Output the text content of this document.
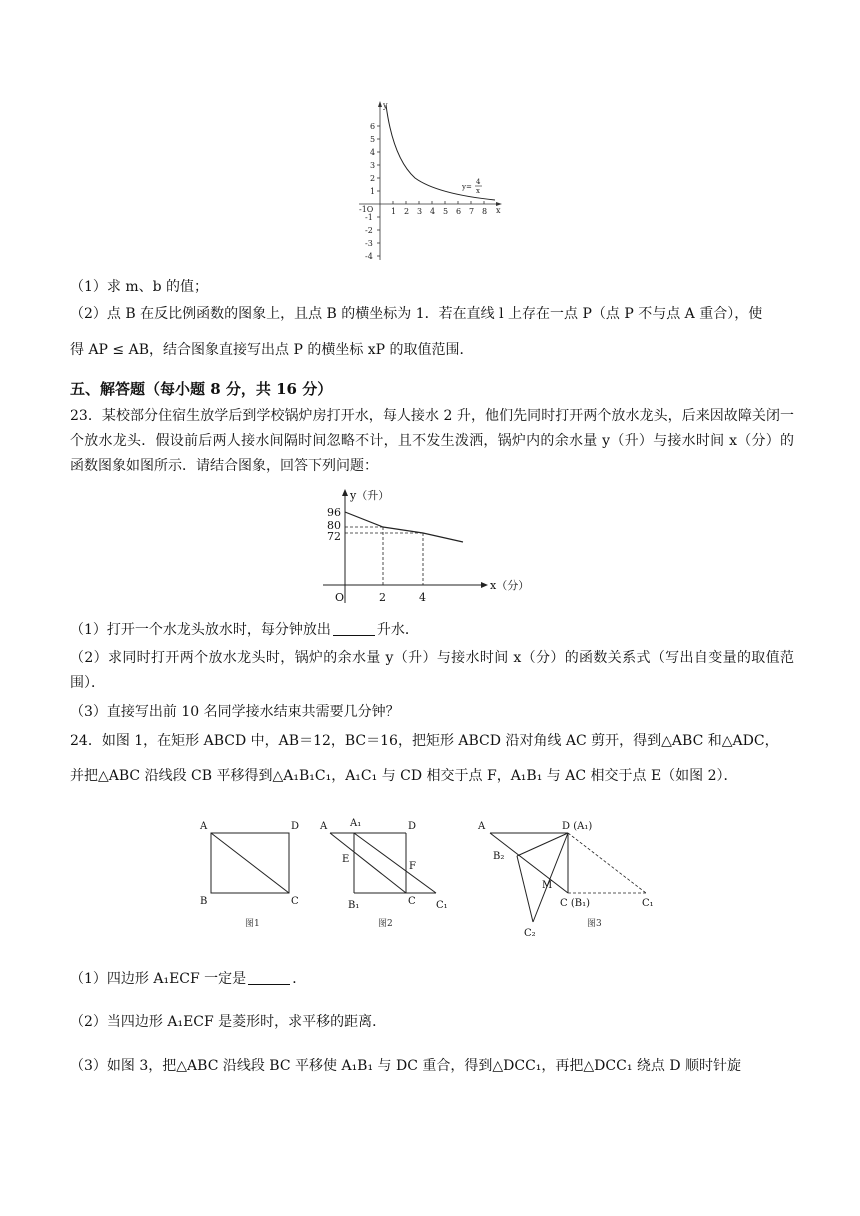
y
x
6
5
4
3
2
1
-1
-2
-3
-4
-1O 1 2 3 4 5 6 7 8
y=
4
x
（1）求 m、b 的值；
（2）点 B 在反比例函数的图象上，且点 B 的横坐标为 1．若在直线 l 上存在一点 P（点 P 不与点 A 重合），使
得 AP ≤ AB，结合图象直接写出点 P 的横坐标 xP 的取值范围．
五、解答题（每小题 8 分，共 16 分）
23．某校部分住宿生放学后到学校锅炉房打开水，每人接水 2 升，他们先同时打开两个放水龙头，后来因故障关闭一个放水龙头．假设前后两人接水间隔时间忽略不计，且不发生泼洒，锅炉内的余水量 y（升）与接水时间 x（分）的函数图象如图所示．请结合图象，回答下列问题：
y（升）
x（分）
96
80
72
O	2	4
（1）打开一个水龙头放水时，每分钟放出	升水．
（2）求同时打开两个放水龙头时，锅炉的余水量 y（升）与接水时间 x（分）的函数关系式（写出自变量的取值范围）．
（3）直接写出前 10 名同学接水结束共需要几分钟？
24．如图 1，在矩形 ABCD 中，AB＝12，BC＝16，把矩形 ABCD 沿对角线 AC 剪开，得到△ABC 和△ADC，
并把△ABC 沿线段 CB 平移得到△A₁B₁C₁，A₁C₁ 与 CD 相交于点 F，A₁B₁ 与 AC 相交于点 E（如图 2）．
A	D
B	C
A A₁	D
E
F
B₁	C C₁
A	D (A₁)
B₂
M
C (B₁)	C₁
C₂
图1	图2	图3
（1）四边形 A₁ECF 一定是	．
（2）当四边形 A₁ECF 是菱形时，求平移的距离．
（3）如图 3，把△ABC 沿线段 BC 平移使 A₁B₁ 与 DC 重合，得到△DCC₁，再把△DCC₁ 绕点 D 顺时针旋
